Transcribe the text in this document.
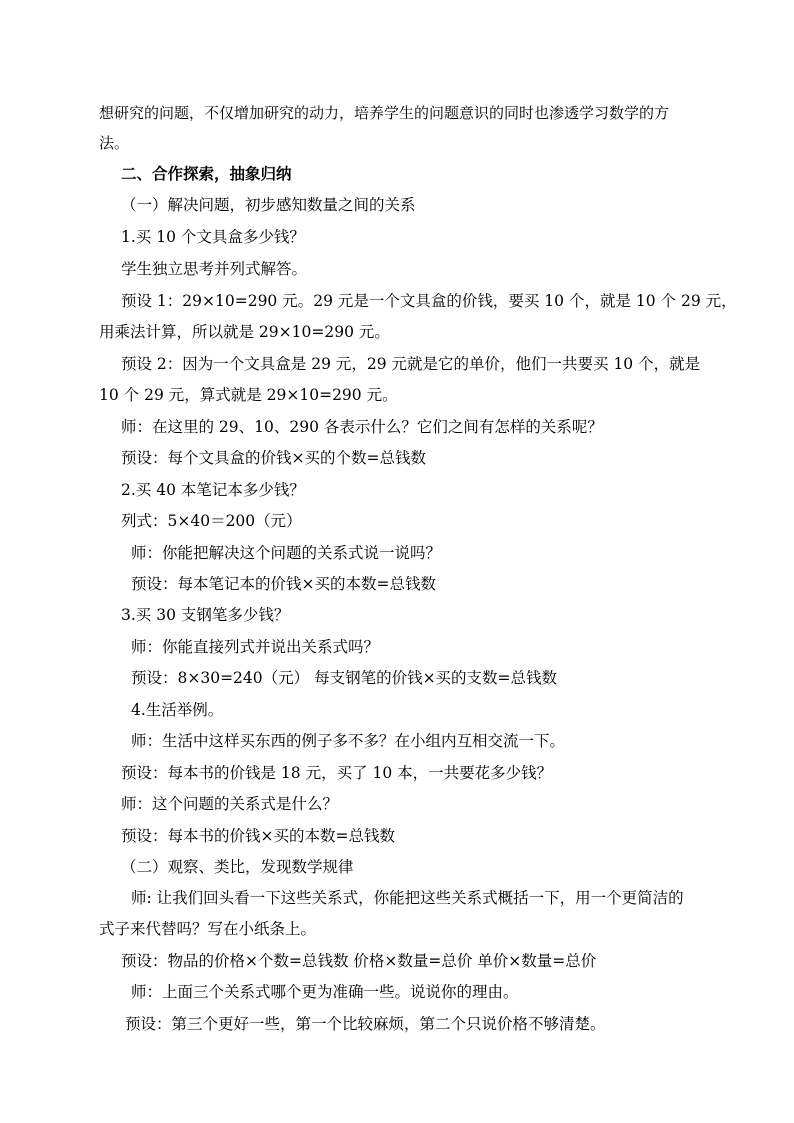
想研究的问题，不仅增加研究的动力，培养学生的问题意识的同时也渗透学习数学的方
法。
二、合作探索，抽象归纳
（一）解决问题，初步感知数量之间的关系
1.买 10 个文具盒多少钱？
学生独立思考并列式解答。
预设 1：29×10=290 元。29 元是一个文具盒的价钱，要买 10 个，就是 10 个 29 元，
用乘法计算，所以就是 29×10=290 元。
预设 2：因为一个文具盒是 29 元，29 元就是它的单价，他们一共要买 10 个，就是
10 个 29 元，算式就是 29×10=290 元。
师：在这里的 29、10、290 各表示什么？它们之间有怎样的关系呢？
预设：每个文具盒的价钱×买的个数=总钱数
2.买 40 本笔记本多少钱？
列式：5×40＝200（元）
师：你能把解决这个问题的关系式说一说吗？
预设：每本笔记本的价钱×买的本数=总钱数
3.买 30 支钢笔多少钱？
师：你能直接列式并说出关系式吗？
预设：8×30=240（元） 每支钢笔的价钱×买的支数=总钱数
4.生活举例。
师：生活中这样买东西的例子多不多？在小组内互相交流一下。
预设：每本书的价钱是 18 元，买了 10 本，一共要花多少钱？
师：这个问题的关系式是什么？
预设：每本书的价钱×买的本数=总钱数
（二）观察、类比，发现数学规律
师: 让我们回头看一下这些关系式，你能把这些关系式概括一下，用一个更简洁的
式子来代替吗？写在小纸条上。
预设：物品的价格×个数=总钱数 价格×数量=总价 单价×数量=总价
师：上面三个关系式哪个更为准确一些。说说你的理由。
预设：第三个更好一些，第一个比较麻烦，第二个只说价格不够清楚。
